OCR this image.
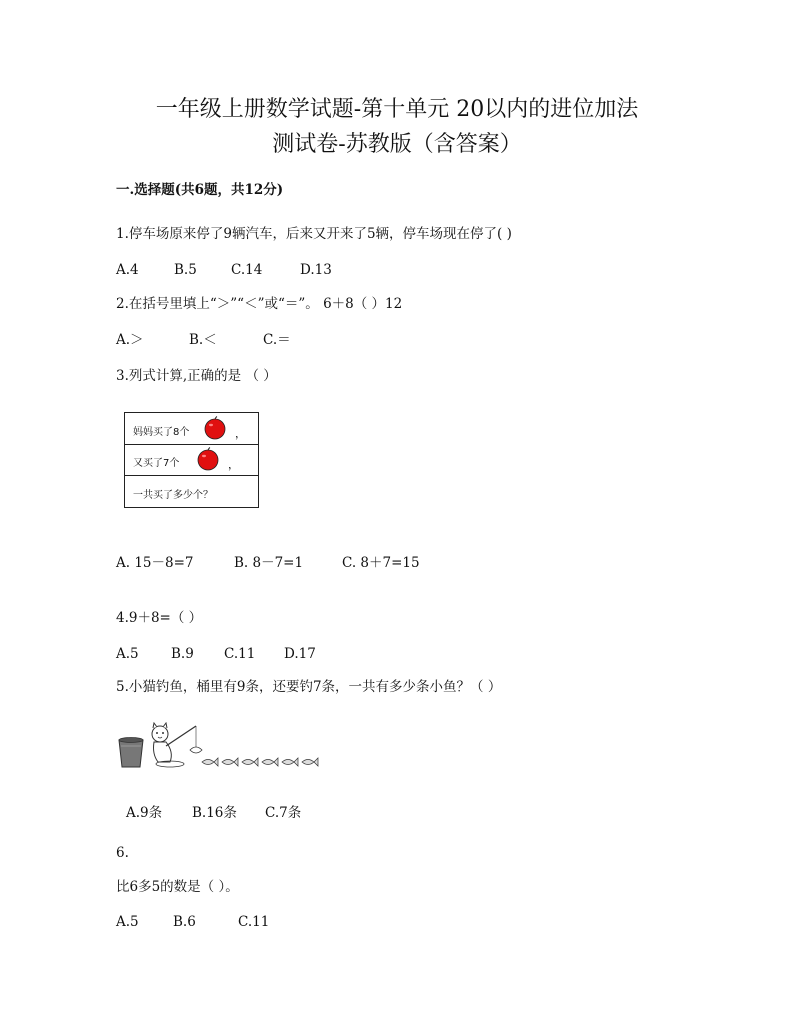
一年级上册数学试题-第十单元 20以内的进位加法
测试卷-苏教版（含答案）
一.选择题(共6题，共12分)
1.停车场原来停了9辆汽车，后来又开来了5辆，停车场现在停了( )
A.4	B.5	C.14	D.13
2.在括号里填上“＞”“＜”或“＝”。 6＋8（ ）12
A.＞	B.＜	C.＝
3.列式计算,正确的是 （ ）
妈妈买了8个	，
又买了7个	，
一共买了多少个？
A. 15－8=7	B. 8－7=1	C. 8＋7=15
4.9＋8=（ ）
A.5 B.9 C.11 D.17
5.小猫钓鱼，桶里有9条，还要钓7条，一共有多少条小鱼？（ ）
A.9条 B.16条 C.7条
6.
比6多5的数是（ ）。
A.5	B.6	C.11
